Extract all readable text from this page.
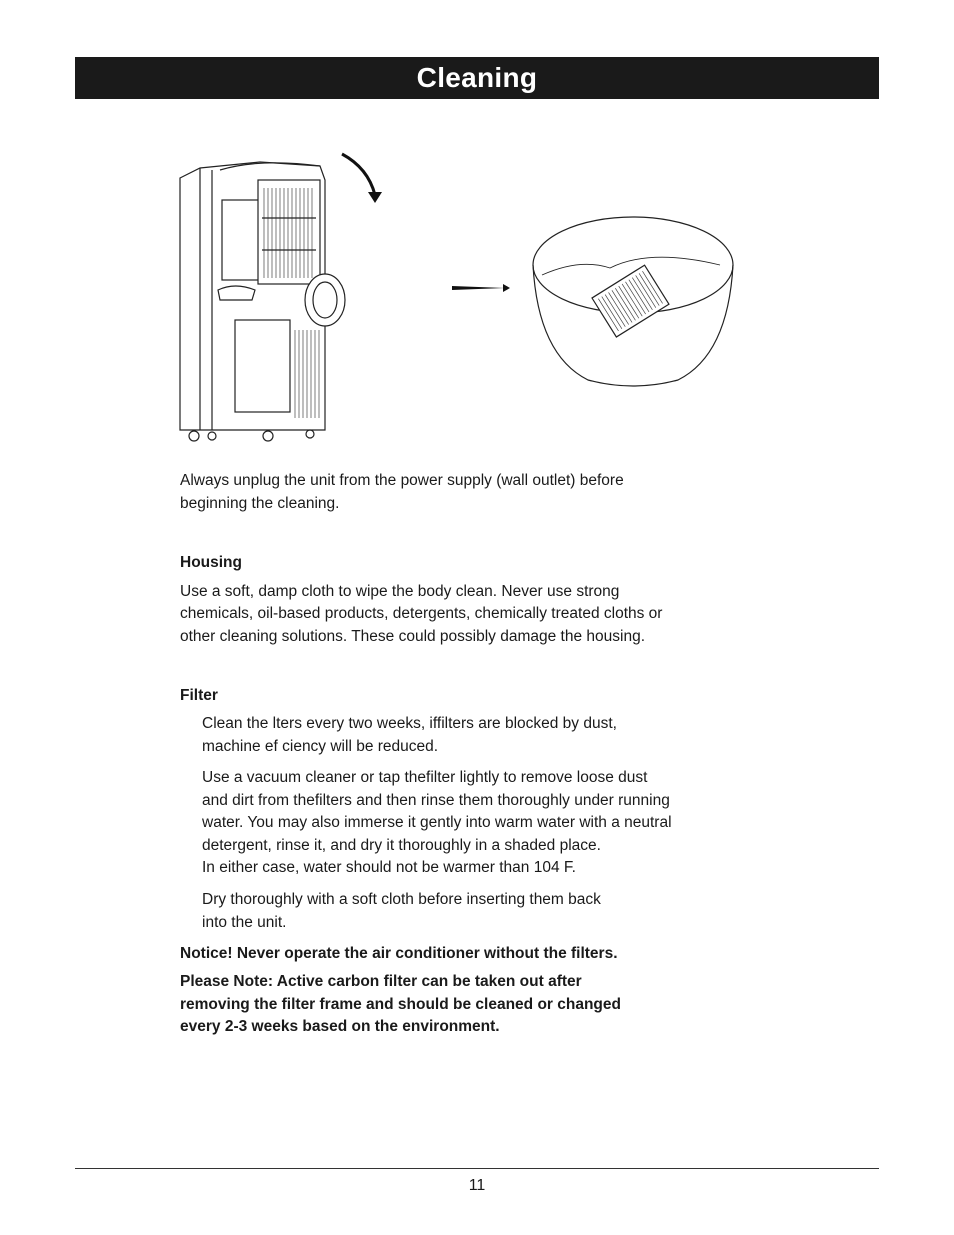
Cleaning

Always unplug the unit from the power supply (wall outlet) before

beginning the cleaning.

Housing

Use a soft, damp cloth to wipe the body clean. Never use strong

chemicals, oil-based products, detergents, chemically treated cloths or

other cleaning solutions. These could possibly damage the housing.

Filter

Clean the lters every two weeks, iffilters are blocked by dust,

machine ef ciency will be reduced.

Use a vacuum cleaner or tap thefilter lightly to remove loose dust

and dirt from thefilters and then rinse them thoroughly under running

water. You may also immerse it gently into warm water with a neutral

detergent, rinse it, and dry it thoroughly in a shaded place.

In either case, water should not be warmer than 104 F.

Dry thoroughly with a soft cloth before inserting them back

into the unit.

Notice! Never operate the air conditioner without the filters.

Please Note: Active carbon filter can be taken out after

removing the filter frame and should be cleaned or changed

every 2-3 weeks based on the environment.

11
